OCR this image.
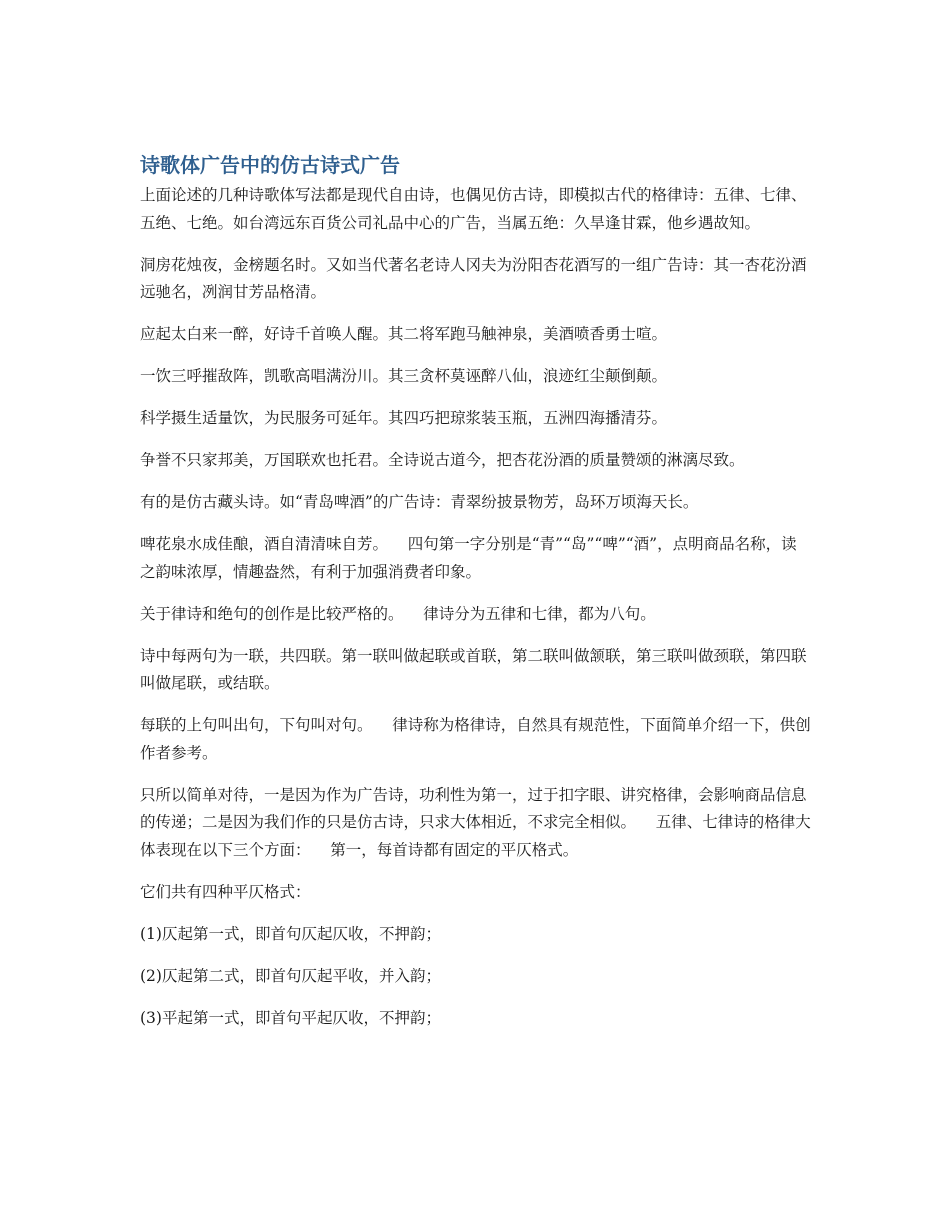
诗歌体广告中的仿古诗式广告

上面论述的几种诗歌体写法都是现代自由诗，也偶见仿古诗，即模拟古代的格律诗：五律、七律、五绝、七绝。如台湾远东百货公司礼品中心的广告，当属五绝：久旱逢甘霖，他乡遇故知。

洞房花烛夜，金榜题名时。又如当代著名老诗人冈夫为汾阳杏花酒写的一组广告诗：其一杏花汾酒远驰名，冽润甘芳品格清。

应起太白来一醉，好诗千首唤人醒。其二将军跑马触神泉，美酒喷香勇士喧。

一饮三呼摧敌阵，凯歌高唱满汾川。其三贪杯莫诬醉八仙，浪迹红尘颠倒颠。

科学摄生适量饮，为民服务可延年。其四巧把琼浆装玉瓶，五洲四海播清芬。

争誉不只家邦美，万国联欢也托君。全诗说古道今，把杏花汾酒的质量赞颂的淋漓尽致。

有的是仿古藏头诗。如“青岛啤酒”的广告诗：青翠纷披景物芳，岛环万顷海天长。

啤花泉水成佳酿，酒自清清味自芳。    四句第一字分别是“青”“岛”“啤”“酒”，点明商品名称，读之韵味浓厚，情趣盎然，有利于加强消费者印象。

关于律诗和绝句的创作是比较严格的。    律诗分为五律和七律，都为八句。

诗中每两句为一联，共四联。第一联叫做起联或首联，第二联叫做颔联，第三联叫做颈联，第四联叫做尾联，或结联。

每联的上句叫出句，下句叫对句。    律诗称为格律诗，自然具有规范性，下面简单介绍一下，供创作者参考。

只所以简单对待，一是因为作为广告诗，功利性为第一，过于扣字眼、讲究格律，会影响商品信息的传递；二是因为我们作的只是仿古诗，只求大体相近，不求完全相似。    五律、七律诗的格律大体表现在以下三个方面：    第一，每首诗都有固定的平仄格式。

它们共有四种平仄格式：

(1)仄起第一式，即首句仄起仄收，不押韵；

(2)仄起第二式，即首句仄起平收，并入韵；

(3)平起第一式，即首句平起仄收，不押韵；
